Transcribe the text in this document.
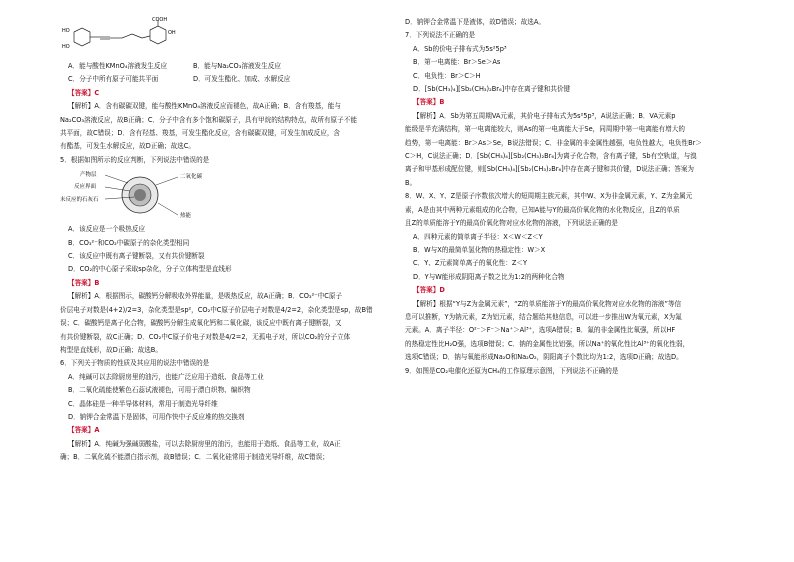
COOH
OH
HO
HO
A．能与酸性KMnO₄溶液发生反应	B．能与Na₂CO₃溶液发生反应
C．分子中所有原子可能共平面	D．可发生酯化、加成、水解反应
【答案】C
【解析】A．含有碳碳双键，能与酸性KMnO₄溶液反应而褪色，故A正确；B．含有羧基，能与
Na₂CO₃溶液反应，故B正确；C．分子中含有多个饱和碳原子，具有甲烷的结构特点，故所有原子不能
共平面，故C错误；D．含有羟基、羧基，可发生酯化反应，含有碳碳双键，可发生加成反应，含
有酯基，可发生水解反应，故D正确；故选C。
5．根据如图所示的反应判断，下列说法中错误的是
产物层
反应界面
未反应的石灰石
二氧化碳
热能
A．该反应是一个吸热反应
B．CO₃²⁻和CO₂中碳原子的杂化类型相同
C．该反应中既有离子键断裂，又有共价键断裂
D．CO₂的中心原子采取sp杂化，分子立体构型是直线形
【答案】B
【解析】A．根据图示，碳酸钙分解吸收外界能量，是吸热反应，故A正确；B．CO₃²⁻中C原子
价层电子对数是(4+2)/2=3，杂化类型是sp²，CO₂中C原子价层电子对数是4/2=2，杂化类型是sp，故B错
误；C．碳酸钙是离子化合物，碳酸钙分解生成氧化钙和二氧化碳，该反应中既有离子键断裂，又
有共价键断裂，故C正确；D．CO₂中C原子价电子对数是4/2=2，无孤电子对，所以CO₂的分子立体
构型是直线形，故D正确；故选B。
6．下列关于物质的性质及其应用的说法中错误的是
A．纯碱可以去除厨房里的油污，也能广泛应用于造纸、食品等工业
B．二氧化硫能使紫色石蕊试液褪色，可用于漂白织物、编织物
C．晶体硅是一种半导体材料，常用于制造光导纤维
D．钠钾合金常温下是固体，可用作快中子反应堆的热交换剂
【答案】A
【解析】A．纯碱为强碱弱酸盐，可以去除厨房里的油污，也能用于造纸、食品等工业，故A正
确；B．二氧化硫不能漂白指示剂，故B错误；C．二氧化硅常用于制造光导纤维，故C错误；
D．钠钾合金常温下是液体，故D错误；故选A。
7．下列说法不正确的是
A．Sb的价电子排布式为5s²5p³
B．第一电离能：Br＞Se＞As
C．电负性：Br＞C＞H
D．[Sb(CH₃)₄][Sb₂(CH₃)₂Br₆]中存在离子键和共价键
【答案】B
【解析】A．Sb为第五周期VA元素，其价电子排布式为5s²5p³，A说法正确；B．VA元素p
能级是半充满结构，第一电离能较大，则As的第一电离能大于Se，同周期中第一电离能有增大的
趋势，第一电离能：Br＞As＞Se，B说法错误；C．非金属的非金属性越强，电负性越大，电负性Br＞
C＞H，C说法正确；D．[Sb(CH₃)₄][Sb₂(CH₃)₂Br₆]为离子化合物，含有离子键，Sb有空轨道，与溴
离子和甲基形成配位键，则[Sb(CH₃)₄][Sb₂(CH₃)₂Br₆]中存在离子键和共价键，D说法正确；答案为
B。
8．W、X、Y、Z是原子序数依次增大的短周期主族元素，其中W、X为非金属元素，Y、Z为金属元
素，A是由其中两种元素组成的化合物，已知A能与Y的最高价氧化物的水化物反应，且Z的单质
且Z的单质能溶于Y的最高价氧化物对应水化物的溶液，下列说法正确的是
A．四种元素的简单离子半径：X＜W＜Z＜Y
B．W与X的最简单氢化物的热稳定性：W＞X
C．Y、Z元素简单离子的氧化性：Z＜Y
D．Y与W能形成阴阳离子数之比为1:2的两种化合物
【答案】D
【解析】根据“Y与Z为金属元素”，“Z的单质能溶于Y的最高价氧化物对应水化物的溶液”等信
息可以推断，Y为钠元素，Z为铝元素，结合题给其他信息，可以进一步推出W为氧元素，X为氟
元素。A．离子半径：O²⁻＞F⁻＞Na⁺＞Al³⁺，选项A错误；B．氟的非金属性比氧强，所以HF
的热稳定性比H₂O强，选项B错误；C．钠的金属性比铝强，所以Na⁺的氧化性比Al³⁺的氧化性弱，
选项C错误；D．钠与氧能形成Na₂O和Na₂O₂，阴阳离子个数比均为1:2，选项D正确；故选D。
9．如图是CO₂电催化还原为CH₄的工作原理示意图，下列说法不正确的是
